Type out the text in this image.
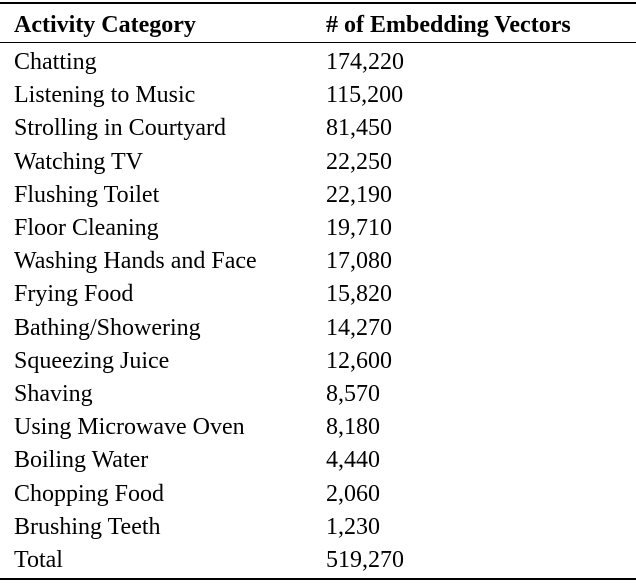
Activity Category	# of Embedding Vectors
Chatting	174,220
Listening to Music	115,200
Strolling in Courtyard	81,450
Watching TV	22,250
Flushing Toilet	22,190
Floor Cleaning	19,710
Washing Hands and Face	17,080
Frying Food	15,820
Bathing/Showering	14,270
Squeezing Juice	12,600
Shaving	8,570
Using Microwave Oven	8,180
Boiling Water	4,440
Chopping Food	2,060
Brushing Teeth	1,230
Total	519,270
